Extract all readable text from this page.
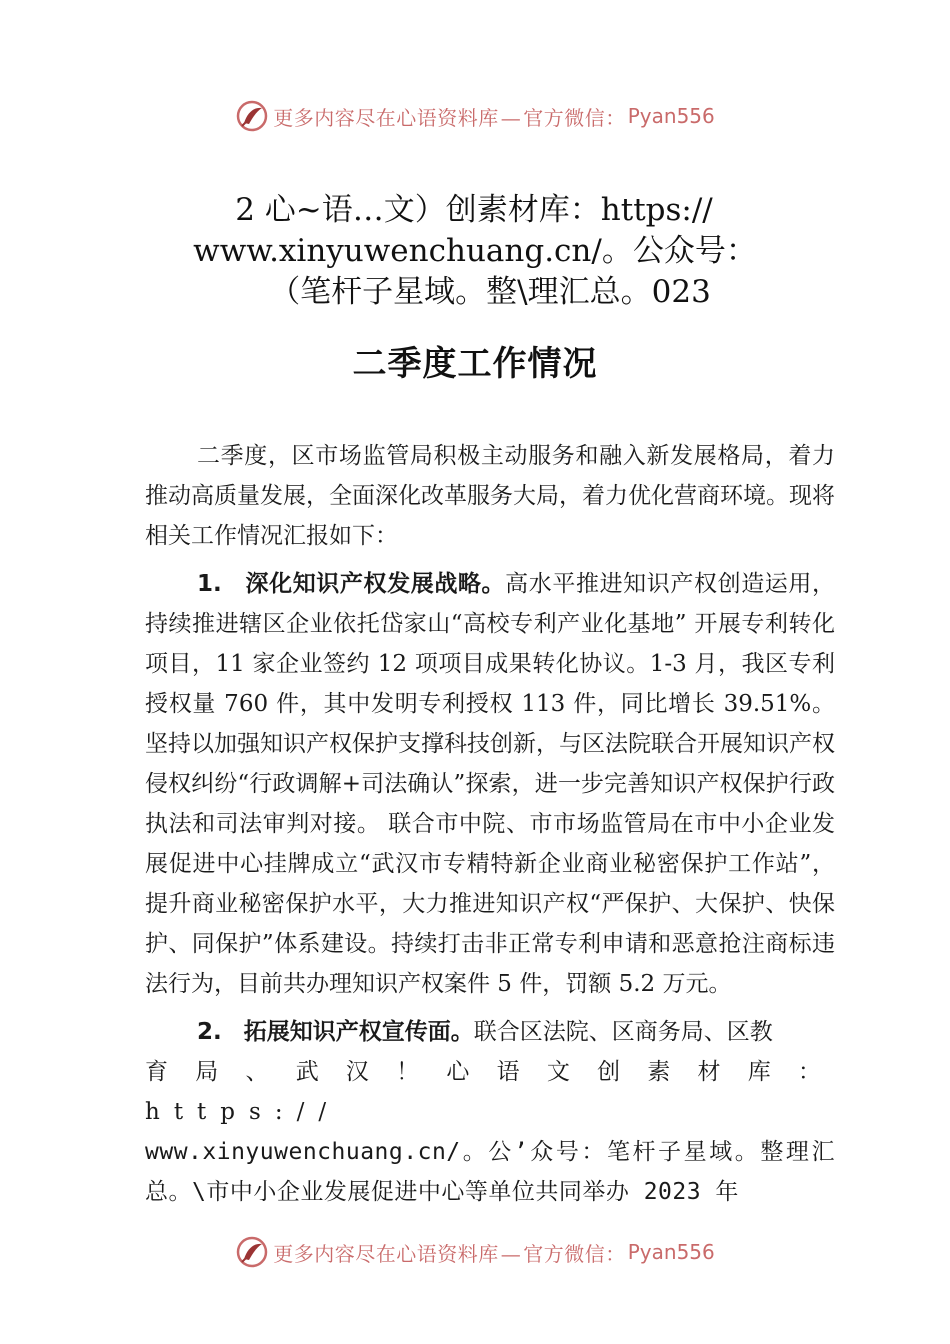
更多内容尽在心语资料库 — 官方微信： Pyan556
2 心~语…文）创素材库：https://
www.xinyuwenchuang.cn/。公众号：
（笔杆子星域。整\理汇总。023
二季度工作情况

二季度，区市场监管局积极主动服务和融入新发展格局，着力推动高质量发展，全面深化改革服务大局，着力优化营商环境。现将相关工作情况汇报如下：

1. 深化知识产权发展战略。高水平推进知识产权创造运用，持续推进辖区企业依托岱家山“高校专利产业化基地” 开展专利转化项目，11 家企业签约 12 项项目成果转化协议。1-3 月，我区专利授权量 760 件，其中发明专利授权 113 件，同比增长 39.51%。坚持以加强知识产权保护支撑科技创新，与区法院联合开展知识产权侵权纠纷“行政调解+司法确认”探索，进一步完善知识产权保护行政执法和司法审判对接。 联合市中院、市市场监管局在市中小企业发展促进中心挂牌成立“武汉市专精特新企业商业秘密保护工作站”，提升商业秘密保护水平，大力推进知识产权“严保护、大保护、快保护、同保护”体系建设。持续打击非正常专利申请和恶意抢注商标违法行为，目前共办理知识产权案件 5 件，罚额 5.2 万元。

2. 拓展知识产权宣传面。联合区法院、区商务局、区教
育局、武汉！心语文创素材库：https://
www.xinyuwenchuang.cn/。公’众号：笔杆子星域。整理汇总。\市中小企业发展促进中心等单位共同举办 2023 年

更多内容尽在心语资料库 — 官方微信： Pyan556
